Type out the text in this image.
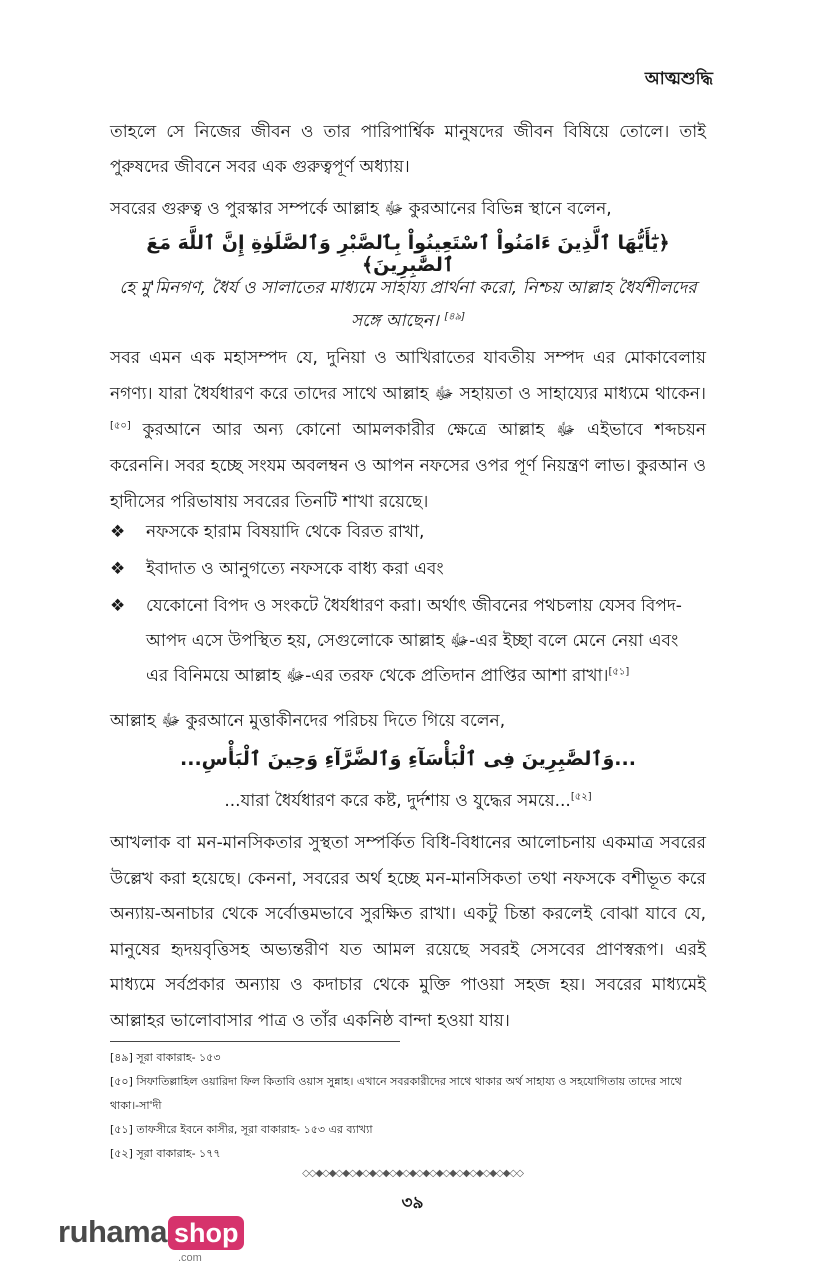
আত্মশুদ্ধি

তাহলে সে নিজের জীবন ও তার পারিপার্শ্বিক মানুষদের জীবন বিষিয়ে তোলে। তাই পুরুষদের জীবনে সবর এক গুরুত্বপূর্ণ অধ্যায়।

সবরের গুরুত্ব ও পুরস্কার সম্পর্কে আল্লাহ ﷻ কুরআনের বিভিন্ন স্থানে বলেন,

﴿يَٰٓأَيُّهَا ٱلَّذِينَ ءَامَنُواْ ٱسْتَعِينُواْ بِٱلصَّبْرِ وَٱلصَّلَوٰةِ إِنَّ ٱللَّهَ مَعَ ٱلصَّٰبِرِينَ﴾
হে মু'মিনগণ, ধৈর্য ও সালাতের মাধ্যমে সাহায্য প্রার্থনা করো, নিশ্চয় আল্লাহ ধৈর্যশীলদের সঙ্গে আছেন। [৪৯]

সবর এমন এক মহাসম্পদ যে, দুনিয়া ও আখিরাতের যাবতীয় সম্পদ এর মোকাবেলায় নগণ্য। যারা ধৈর্যধারণ করে তাদের সাথে আল্লাহ ﷻ সহায়তা ও সাহায্যের মাধ্যমে থাকেন।[৫০] কুরআনে আর অন্য কোনো আমলকারীর ক্ষেত্রে আল্লাহ ﷻ এইভাবে শব্দচয়ন করেননি। সবর হচ্ছে সংযম অবলম্বন ও আপন নফসের ওপর পূর্ণ নিয়ন্ত্রণ লাভ। কুরআন ও হাদীসের পরিভাষায় সবরের তিনটি শাখা রয়েছে।

❖ নফসকে হারাম বিষয়াদি থেকে বিরত রাখা,
❖ ইবাদাত ও আনুগত্যে নফসকে বাধ্য করা এবং
❖ যেকোনো বিপদ ও সংকটে ধৈর্যধারণ করা। অর্থাৎ জীবনের পথচলায় যেসব বিপদ-আপদ এসে উপস্থিত হয়, সেগুলোকে আল্লাহ ﷻ-এর ইচ্ছা বলে মেনে নেয়া এবং এর বিনিময়ে আল্লাহ ﷻ-এর তরফ থেকে প্রতিদান প্রাপ্তির আশা রাখা।[৫১]

আল্লাহ ﷻ কুরআনে মুত্তাকীনদের পরিচয় দিতে গিয়ে বলেন,

...وَٱلصَّٰبِرِينَ فِى ٱلْبَأْسَآءِ وَٱلضَّرَّآءِ وَحِينَ ٱلْبَأْسِ...
...যারা ধৈর্যধারণ করে কষ্ট, দুর্দশায় ও যুদ্ধের সময়ে...[৫২]

আখলাক বা মন-মানসিকতার সুস্থতা সম্পর্কিত বিধি-বিধানের আলোচনায় একমাত্র সবরের উল্লেখ করা হয়েছে। কেননা, সবরের অর্থ হচ্ছে মন-মানসিকতা তথা নফসকে বশীভূত করে অন্যায়-অনাচার থেকে সর্বোত্তমভাবে সুরক্ষিত রাখা। একটু চিন্তা করলেই বোঝা যাবে যে, মানুষের হৃদয়বৃত্তিসহ অভ্যন্তরীণ যত আমল রয়েছে সবরই সেসবের প্রাণস্বরূপ। এরই মাধ্যমে সর্বপ্রকার অন্যায় ও কদাচার থেকে মুক্তি পাওয়া সহজ হয়। সবরের মাধ্যমেই আল্লাহর ভালোবাসার পাত্র ও তাঁর একনিষ্ঠ বান্দা হওয়া যায়।

[৪৯] সূরা বাকারাহ- ১৫৩

[৫০] সিফাতিল্লাহিল ওয়ারিদা ফিল কিতাবি ওয়াস সুন্নাহ। এখানে সবরকারীদের সাথে থাকার অর্থ সাহায্য ও সহযোগিতায় তাদের সাথে থাকা।-সা'দী

[৫১] তাফসীরে ইবনে কাসীর, সূরা বাকারাহ- ১৫৩ এর ব্যাখ্যা

[৫২] সূরা বাকারাহ- ১৭৭

◇◇◆◇◆◇◆◇◆◇◆◇◆◇◆◇◆◇◆◇◆◇◆◇◆◇◆◇◆◇◆◇◇
৩৯
ruhama shop
.com
